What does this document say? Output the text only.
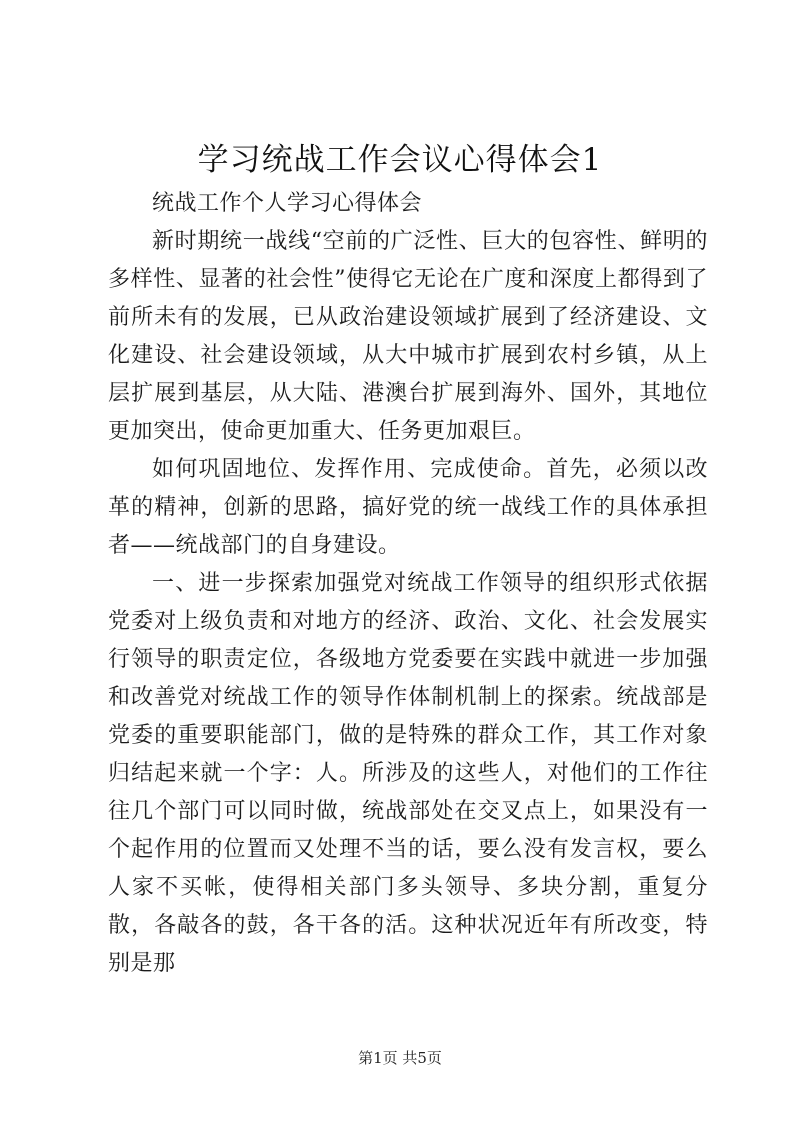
学习统战工作会议心得体会1

统战工作个人学习心得体会

新时期统一战线“空前的广泛性、巨大的包容性、鲜明的多样性、显著的社会性”使得它无论在广度和深度上都得到了前所未有的发展，已从政治建设领域扩展到了经济建设、文化建设、社会建设领域，从大中城市扩展到农村乡镇，从上层扩展到基层，从大陆、港澳台扩展到海外、国外，其地位更加突出，使命更加重大、任务更加艰巨。

如何巩固地位、发挥作用、完成使命。首先，必须以改革的精神，创新的思路，搞好党的统一战线工作的具体承担者——统战部门的自身建设。

一、进一步探索加强党对统战工作领导的组织形式依据党委对上级负责和对地方的经济、政治、文化、社会发展实行领导的职责定位，各级地方党委要在实践中就进一步加强和改善党对统战工作的领导作体制机制上的探索。统战部是党委的重要职能部门，做的是特殊的群众工作，其工作对象归结起来就一个字：人。所涉及的这些人，对他们的工作往往几个部门可以同时做，统战部处在交叉点上，如果没有一个起作用的位置而又处理不当的话，要么没有发言权，要么人家不买帐，使得相关部门多头领导、多块分割，重复分散，各敲各的鼓，各干各的活。这种状况近年有所改变，特别是那

第1页 共5页
